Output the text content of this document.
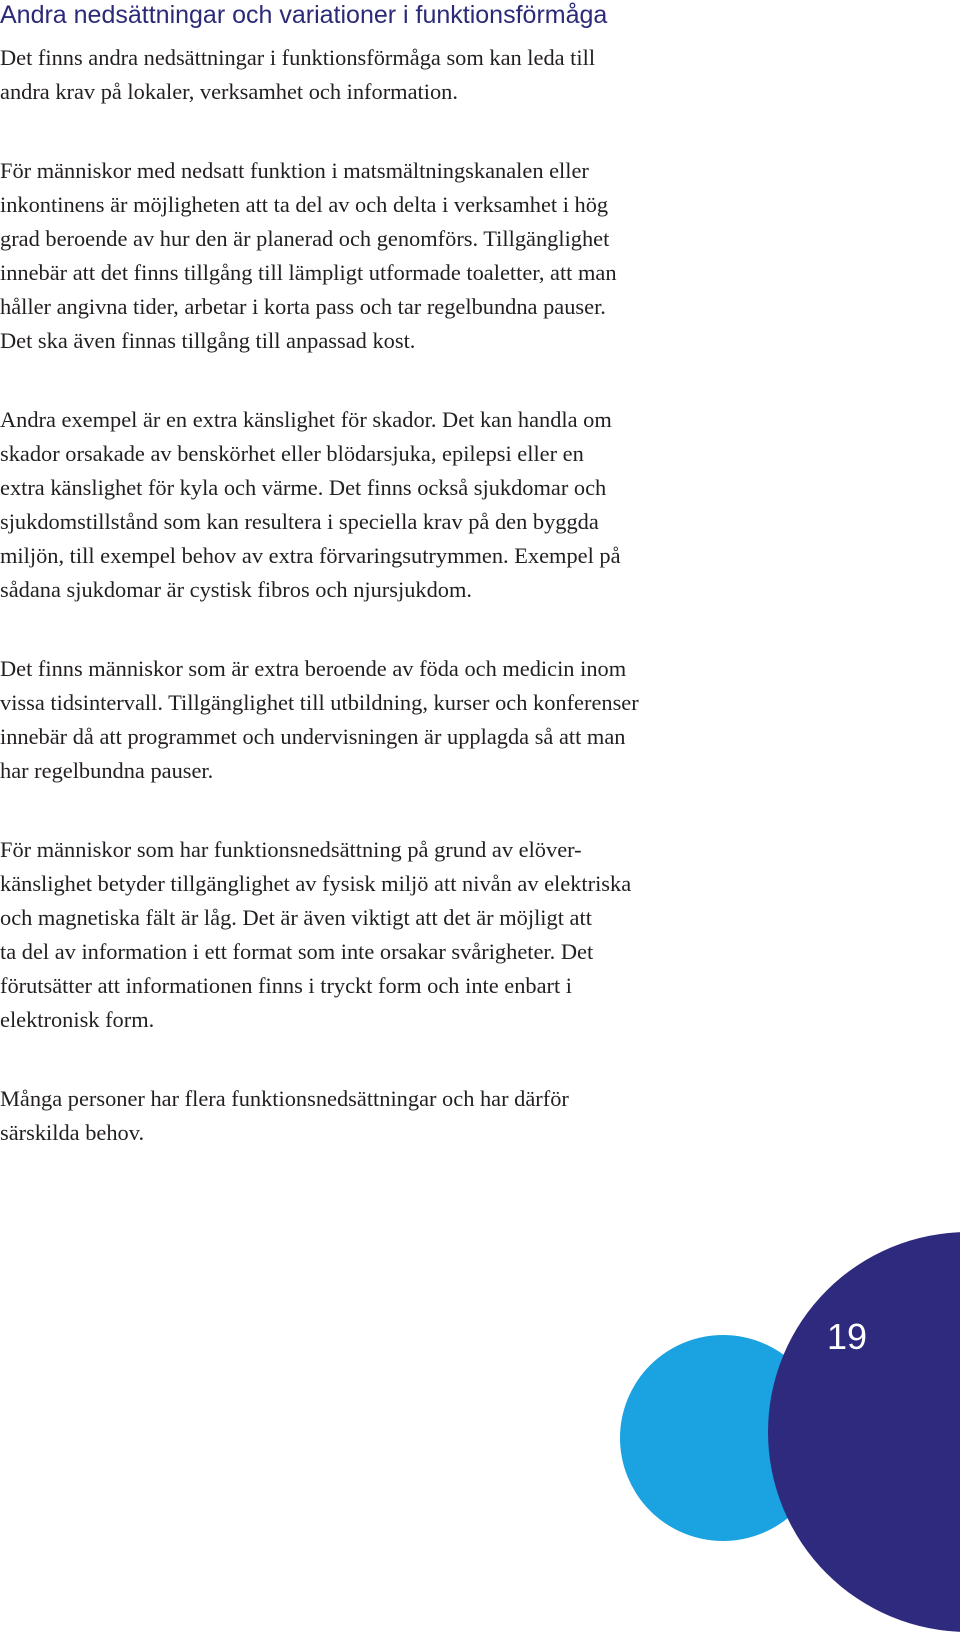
Andra nedsättningar och variationer i funktionsförmåga

Det finns andra nedsättningar i funktionsförmåga som kan leda till
andra krav på lokaler, verksamhet och information.

För människor med nedsatt funktion i matsmältningskanalen eller
inkontinens är möjligheten att ta del av och delta i verksamhet i hög
grad beroende av hur den är planerad och genomförs. Tillgänglighet
innebär att det finns tillgång till lämpligt utformade toaletter, att man
håller angivna tider, arbetar i korta pass och tar regelbundna pauser.
Det ska även finnas tillgång till anpassad kost.

Andra exempel är en extra känslighet för skador. Det kan handla om
skador orsakade av benskörhet eller blödarsjuka, epilepsi eller en
extra känslighet för kyla och värme. Det finns också sjukdomar och
sjukdomstillstånd som kan resultera i speciella krav på den byggda
miljön, till exempel behov av extra förvaringsutrymmen. Exempel på
sådana sjukdomar är cystisk fibros och njursjukdom.

Det finns människor som är extra beroende av föda och medicin inom
vissa tidsintervall. Tillgänglighet till utbildning, kurser och konferenser
innebär då att programmet och undervisningen är upplagda så att man
har regelbundna pauser.

För människor som har funktionsnedsättning på grund av elöver-
känslighet betyder tillgänglighet av fysisk miljö att nivån av elektriska
och magnetiska fält är låg. Det är även viktigt att det är möjligt att
ta del av information i ett format som inte orsakar svårigheter. Det
förutsätter att informationen finns i tryckt form och inte enbart i
elektronisk form.

Många personer har flera funktionsnedsättningar och har därför
särskilda behov.

19
